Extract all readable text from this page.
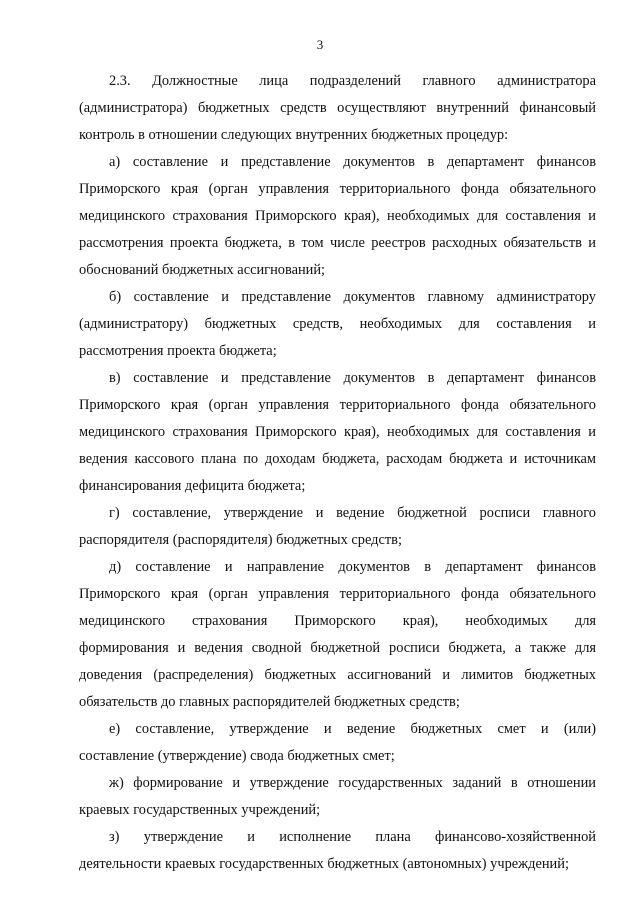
3
2.3. Должностные лица подразделений главного администратора
(администратора) бюджетных средств осуществляют внутренний финансовый
контроль в отношении следующих внутренних бюджетных процедур:
а) составление и представление документов в департамент финансов
Приморского края (орган управления территориального фонда обязательного
медицинского страхования Приморского края), необходимых для составления и
рассмотрения проекта бюджета, в том числе реестров расходных обязательств и
обоснований бюджетных ассигнований;
б) составление и представление документов главному администратору
(администратору) бюджетных средств, необходимых для составления и
рассмотрения проекта бюджета;
в) составление и представление документов в департамент финансов
Приморского края (орган управления территориального фонда обязательного
медицинского страхования Приморского края), необходимых для составления и
ведения кассового плана по доходам бюджета, расходам бюджета и источникам
финансирования дефицита бюджета;
г) составление, утверждение и ведение бюджетной росписи главного
распорядителя (распорядителя) бюджетных средств;
д) составление и направление документов в департамент финансов
Приморского края (орган управления территориального фонда обязательного
медицинского страхования Приморского края), необходимых для
формирования и ведения сводной бюджетной росписи бюджета, а также для
доведения (распределения) бюджетных ассигнований и лимитов бюджетных
обязательств до главных распорядителей бюджетных средств;
е) составление, утверждение и ведение бюджетных смет и (или)
составление (утверждение) свода бюджетных смет;
ж) формирование и утверждение государственных заданий в отношении
краевых государственных учреждений;
з) утверждение и исполнение плана финансово-хозяйственной
деятельности краевых государственных бюджетных (автономных) учреждений;
